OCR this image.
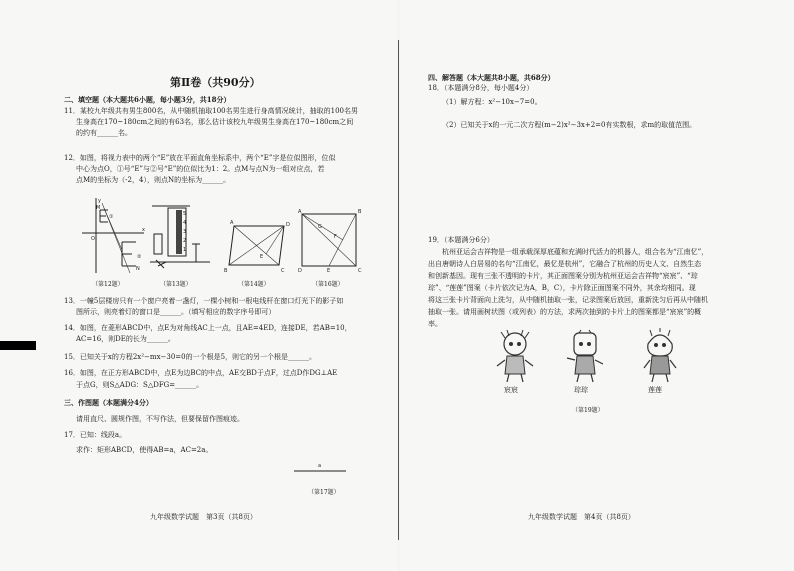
第Ⅱ卷（共90分）
二、填空题（本大题共6小题，每小题3分，共18分）
11．某校九年级共有男生800名，从中随机抽取100名男生进行身高情况统计，抽取的100名男
生身高在170~180cm之间的有63名，那么估计该校九年级男生身高在170~180cm之间
的约有______名。
12．如图，将视力表中的两个“E”放在平面直角坐标系中，两个“E”字是位似图形，位似
中心为点O，①号“E”与②号“E”的位似比为1：2。点M与点N为一组对应点，若
点M的坐标为（-2，4），则点N的坐标为______。
y
O
M
N
x
①
②
5
4
3
2
1
A
B	C
D
E
A	B
C
D	E
F
G
（第12题）	（第13题）	（第14题）	（第16题）
13．一幢5层楼房只有一个窗户亮着一盏灯，一棵小树和一根电线杆在窗口灯光下的影子如
图所示，则亮着灯的窗口是______。（填写相应的数字序号即可）
14．如图，在菱形ABCD中，点E为对角线AC上一点，且AE=4ED，连接DE，若AB=10，
AC=16，则DE的长为______。
15．已知关于x的方程2x²−mx−30=0的一个根是5，则它的另一个根是______。
16．如图，在正方形ABCD中，点E为边BC的中点，AE交BD于点F，过点D作DG⊥AE
于点G，则S△ADG：S△DFG=______。
三、作图题（本题满分4分）
请用直尺、圆规作图，不写作法，但要保留作图痕迹。
17．已知：线段a。
求作：矩形ABCD，使得AB=a，AC=2a。
a
（第17题）
九年级数学试题　第3页（共8页）
四、解答题（本大题共8小题，共68分）
18．（本题满分8分，每小题4分）
（1）解方程：x²−10x−7=0。
（2）已知关于x的一元二次方程(m−2)x²−3x+2=0有实数根，求m的取值范围。
19．（本题满分6分）
杭州亚运会吉祥物是一组承载深厚底蕴和充满时代活力的机器人，组合名为“江南忆”，
出自唐朝诗人白居易的名句“江南忆，最忆是杭州”，它融合了杭州的历史人文、自然生态
和创新基因。现有三张不透明的卡片，其正面图案分别为杭州亚运会吉祥物“宸宸”、“琮
琮”、“莲莲”图案（卡片依次记为A，B，C），卡片除正面图案不同外，其余均相同。现
将这三张卡片背面向上洗匀，从中随机抽取一张，记录图案后放回，重新洗匀后再从中随机
抽取一张。请用画树状图（或列表）的方法，求两次抽到的卡片上的图案都是“宸宸”的概
率。
宸宸	琮琮	莲莲
（第19题）
九年级数学试题　第4页（共8页）
